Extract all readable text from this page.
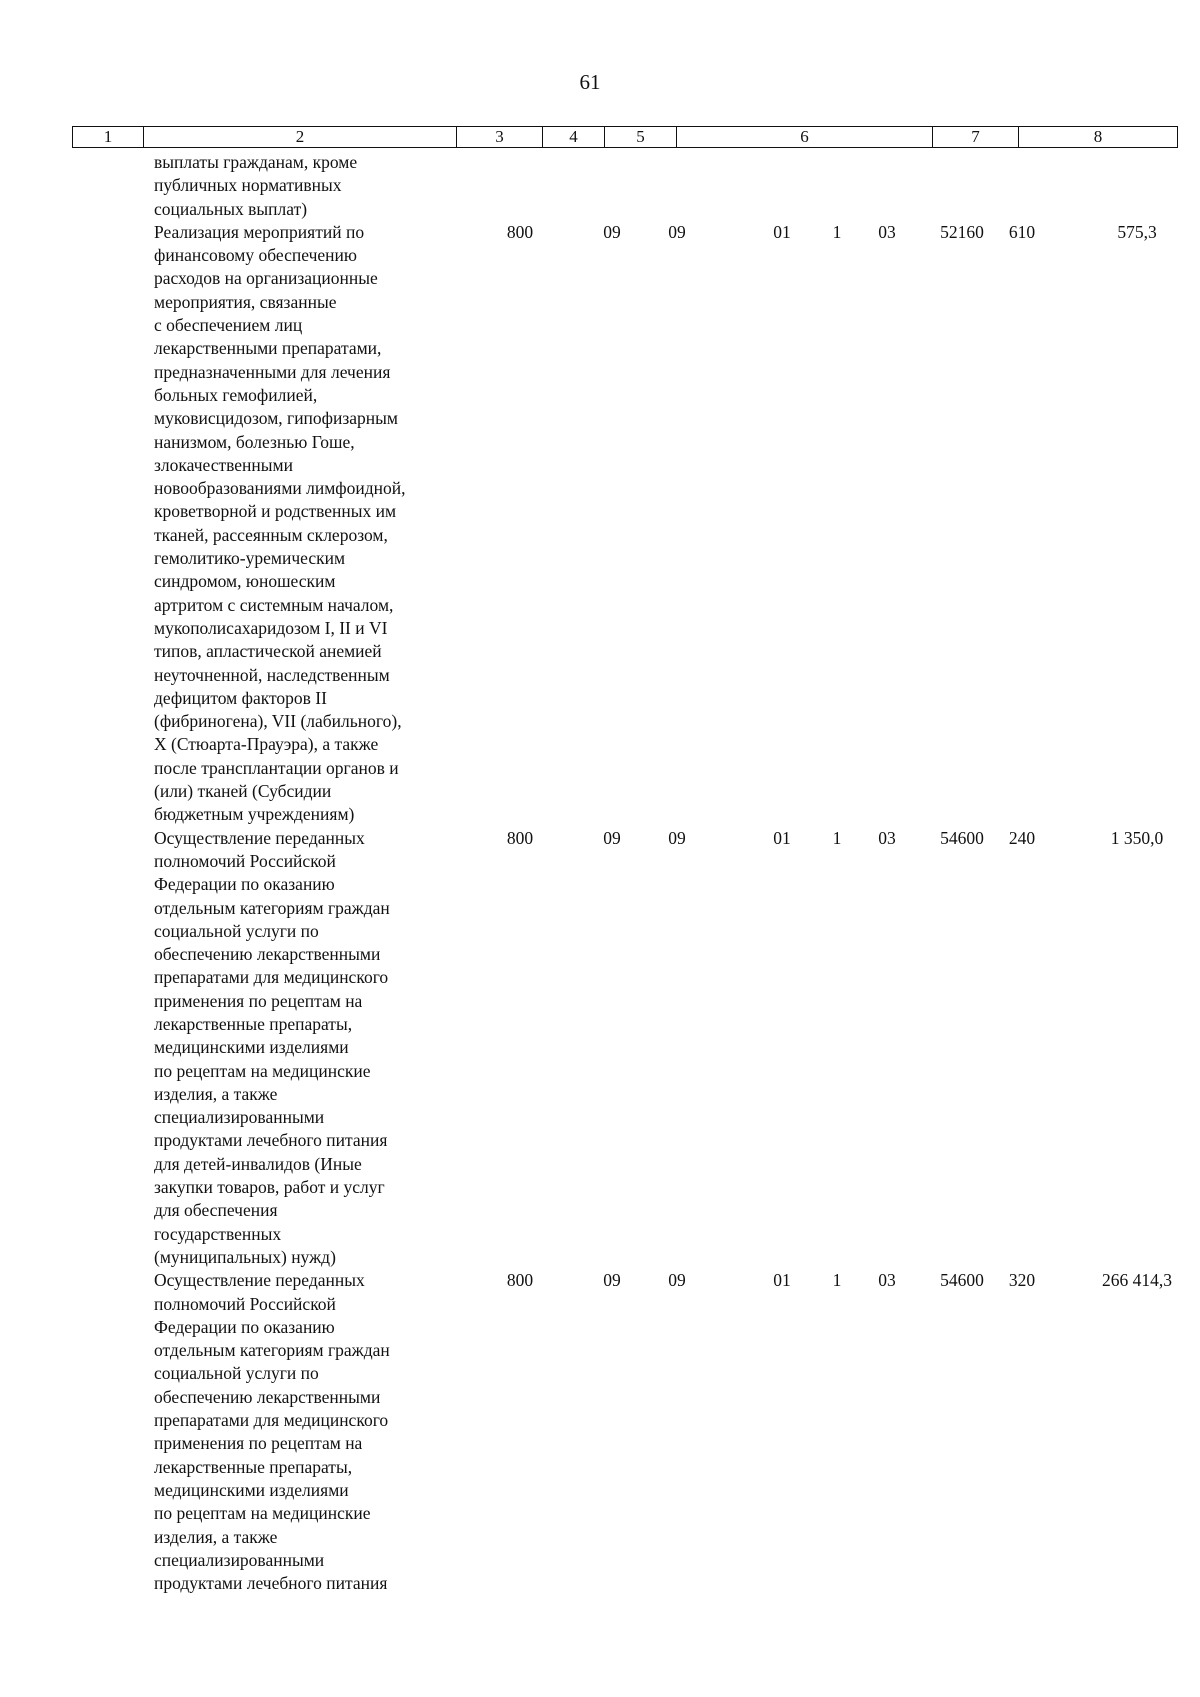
61
1	2	3	4	5	6	7	8
выплаты гражданам, кроме
публичных нормативных
социальных выплат)
Реализация мероприятий по
финансовому обеспечению
расходов на организационные
мероприятия, связанные
с обеспечением лиц
лекарственными препаратами,
предназначенными для лечения
больных гемофилией,
муковисцидозом, гипофизарным
нанизмом, болезнью Гоше,
злокачественными
новообразованиями лимфоидной,
кроветворной и родственных им
тканей, рассеянным склерозом,
гемолитико-уремическим
синдромом, юношеским
артритом с системным началом,
мукополисахаридозом I, II и VI
типов, апластической анемией
неуточненной, наследственным
дефицитом факторов II
(фибриногена), VII (лабильного),
X (Стюарта-Прауэра), а также
после трансплантации органов и
(или) тканей (Субсидии
бюджетным учреждениям)
800	09	09	01	1	03	52160	610	575,3
Осуществление переданных
полномочий Российской
Федерации по оказанию
отдельным категориям граждан
социальной услуги по
обеспечению лекарственными
препаратами для медицинского
применения по рецептам на
лекарственные препараты,
медицинскими изделиями
по рецептам на медицинские
изделия, а также
специализированными
продуктами лечебного питания
для детей-инвалидов (Иные
закупки товаров, работ и услуг
для обеспечения
государственных
(муниципальных) нужд)
800	09	09	01	1	03	54600	240	1 350,0
Осуществление переданных
полномочий Российской
Федерации по оказанию
отдельным категориям граждан
социальной услуги по
обеспечению лекарственными
препаратами для медицинского
применения по рецептам на
лекарственные препараты,
медицинскими изделиями
по рецептам на медицинские
изделия, а также
специализированными
продуктами лечебного питания
800	09	09	01	1	03	54600	320	266 414,3
